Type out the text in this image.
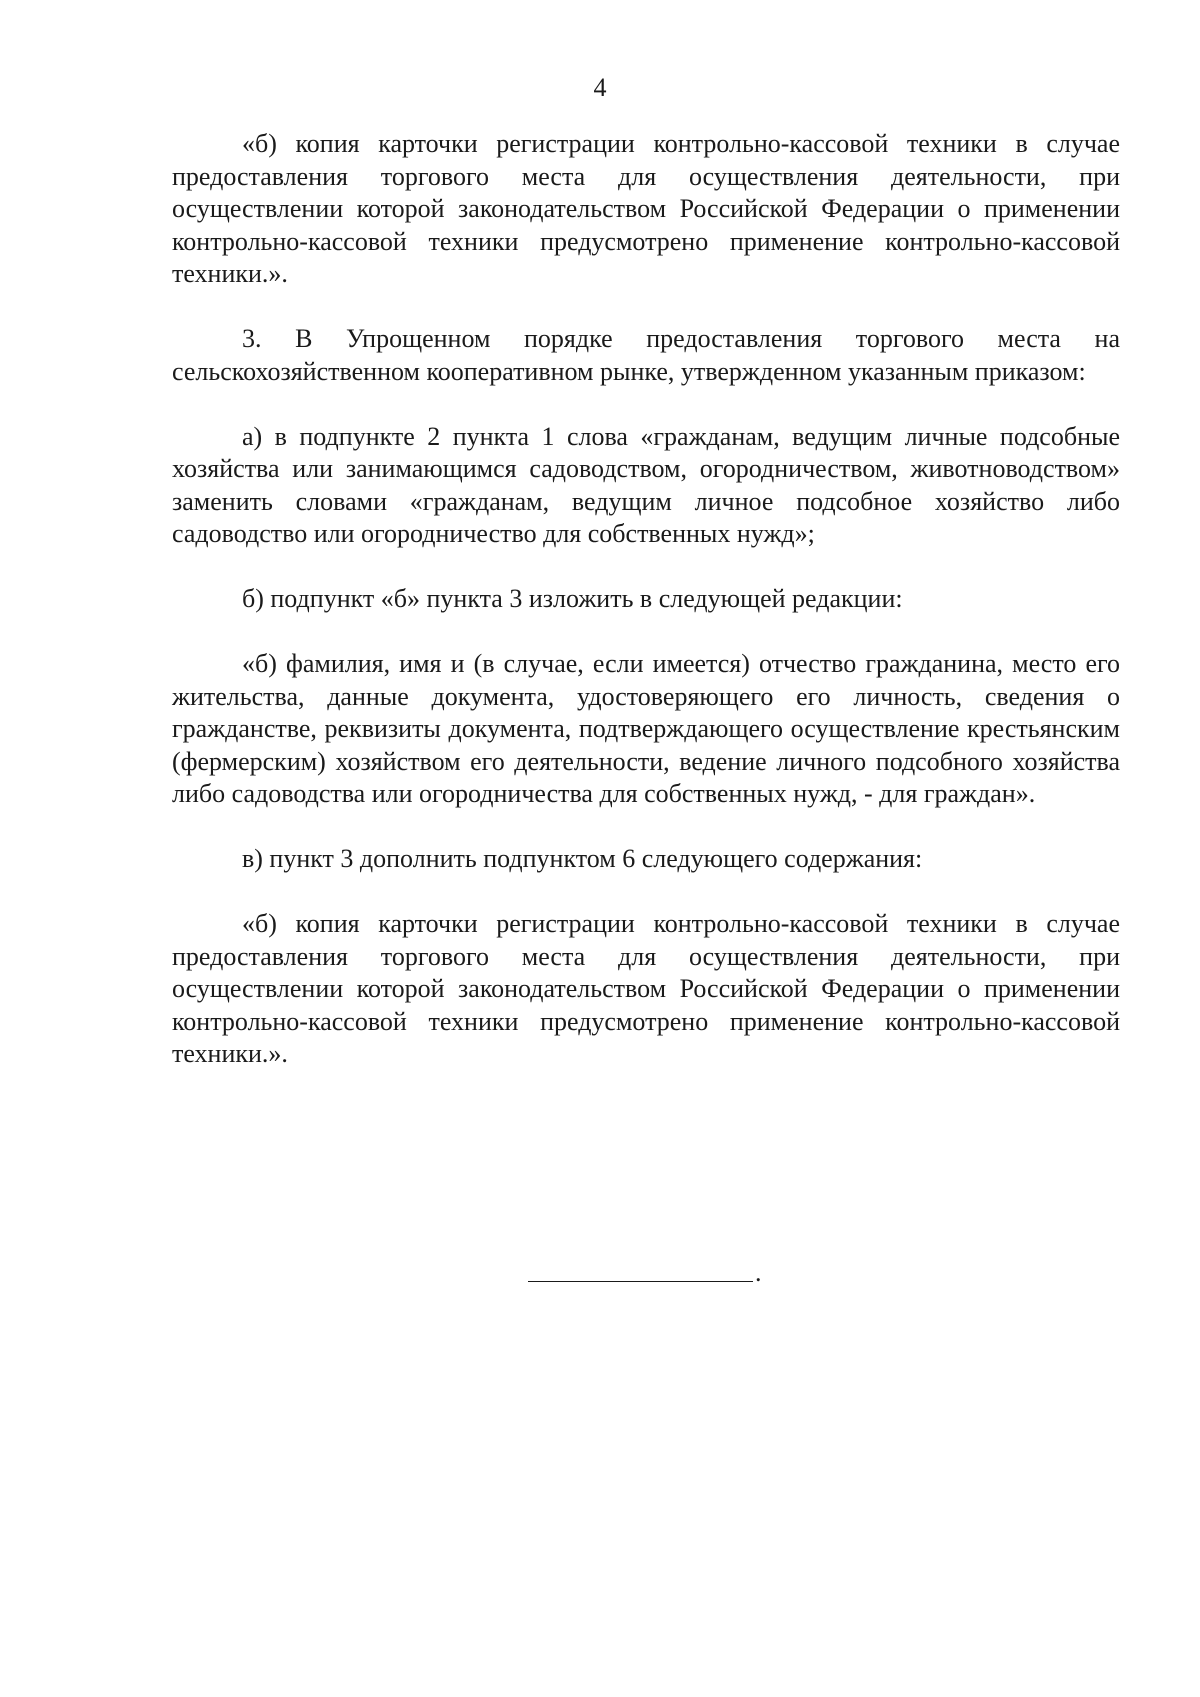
4

«б) копия карточки регистрации контрольно-кассовой техники в случае предоставления торгового места для осуществления деятельности, при осуществлении которой законодательством Российской Федерации о применении контрольно-кассовой техники предусмотрено применение контрольно-кассовой техники.».

3. В Упрощенном порядке предоставления торгового места на сельскохозяйственном кооперативном рынке, утвержденном указанным приказом:

а) в подпункте 2 пункта 1 слова «гражданам, ведущим личные подсобные хозяйства или занимающимся садоводством, огородничеством, животноводством» заменить словами «гражданам, ведущим личное подсобное хозяйство либо садоводство или огородничество для собственных нужд»;

б) подпункт «б» пункта 3 изложить в следующей редакции:

«б) фамилия, имя и (в случае, если имеется) отчество гражданина, место его жительства, данные документа, удостоверяющего его личность, сведения о гражданстве, реквизиты документа, подтверждающего осуществление крестьянским (фермерским) хозяйством его деятельности, ведение личного подсобного хозяйства либо садоводства или огородничества для собственных нужд, - для граждан».

в) пункт 3 дополнить подпунктом 6 следующего содержания:

«б) копия карточки регистрации контрольно-кассовой техники в случае предоставления торгового места для осуществления деятельности, при осуществлении которой законодательством Российской Федерации о применении контрольно-кассовой техники предусмотрено применение контрольно-кассовой техники.».

.
